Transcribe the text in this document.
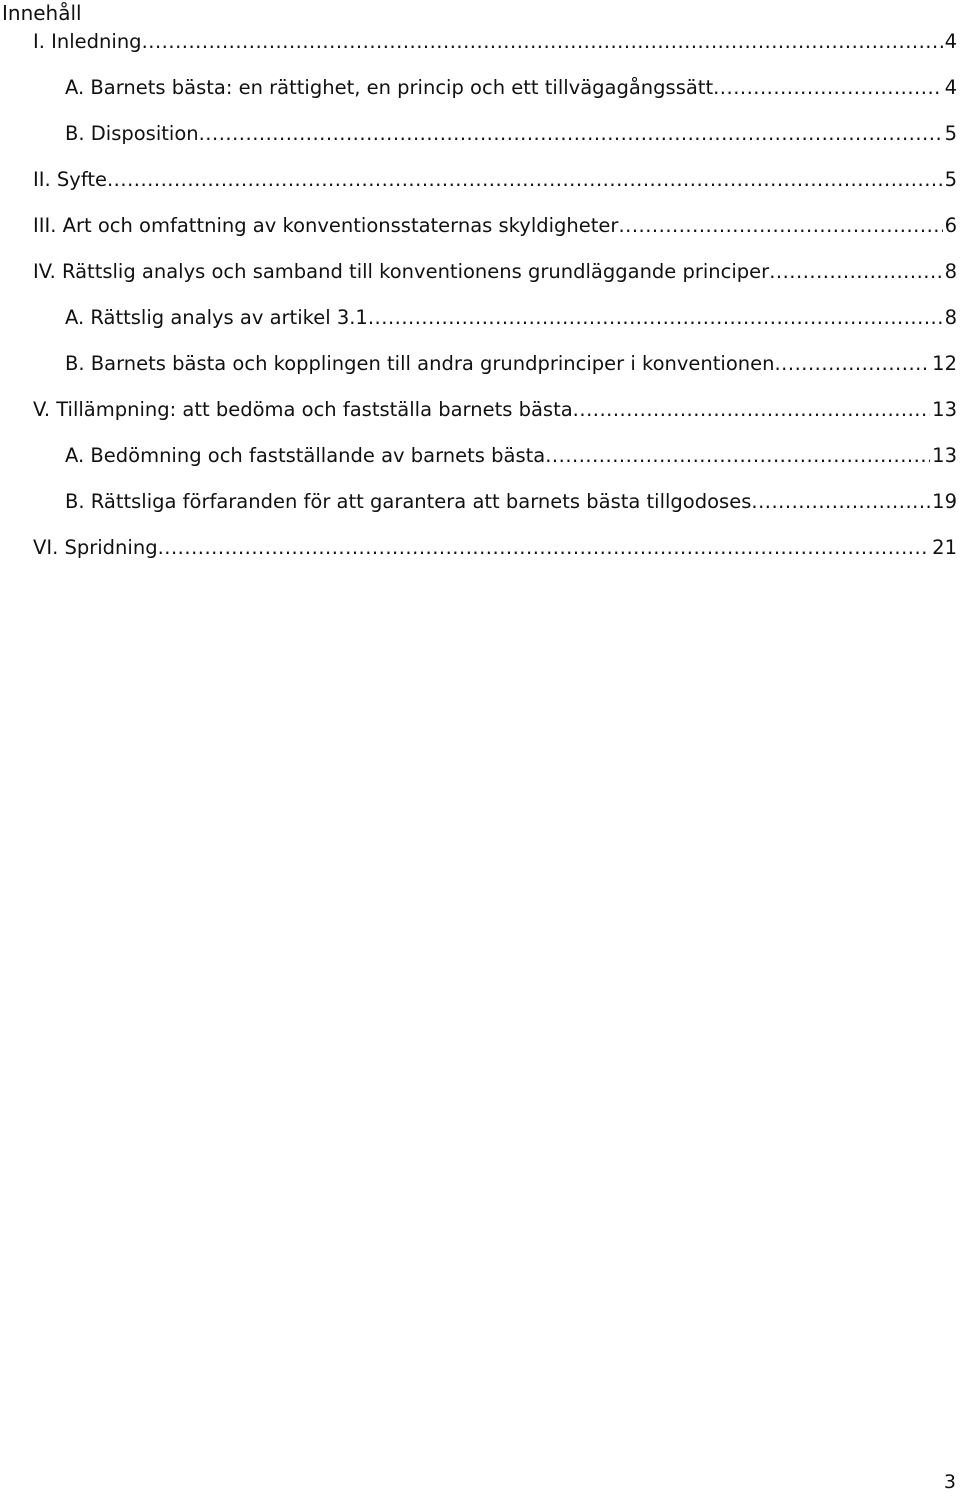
Innehåll
I. Inledning .....	4
A. Barnets bästa: en rättighet, en princip och ett tillvägagångssätt .....	4
B. Disposition .....	5
II. Syfte .....	5
III. Art och omfattning av konventionsstaternas skyldigheter .....	6
IV. Rättslig analys och samband till konventionens grundläggande principer .....	8
A. Rättslig analys av artikel 3.1 .....	8
B. Barnets bästa och kopplingen till andra grundprinciper i konventionen .....	12
V. Tillämpning: att bedöma och fastställa barnets bästa .....	13
A. Bedömning och fastställande av barnets bästa .....	13
B. Rättsliga förfaranden för att garantera att barnets bästa tillgodoses .....	19
VI. Spridning .....	21
3
